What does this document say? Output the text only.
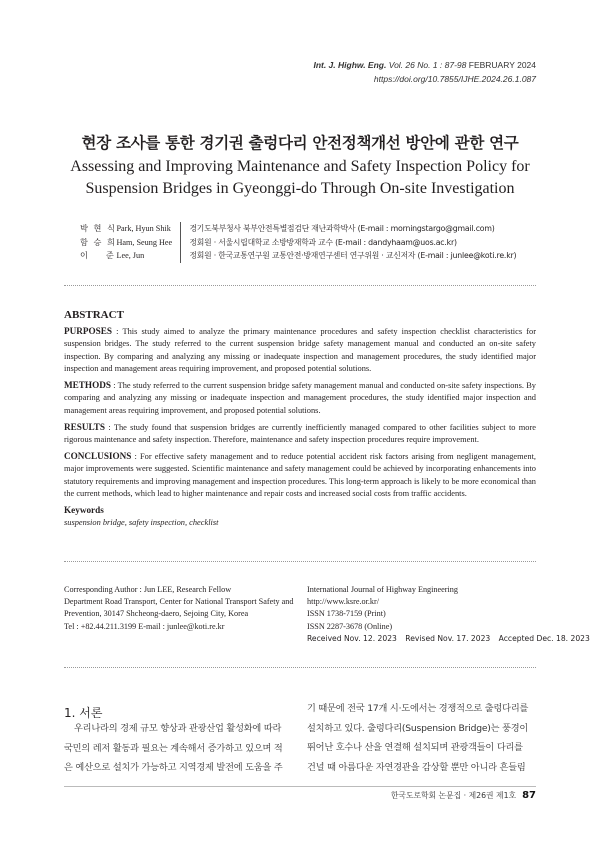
Int. J. Highw. Eng. Vol. 26 No. 1 : 87-98 FEBRUARY 2024
https://doi.org/10.7855/IJHE.2024.26.1.087
현장 조사를 통한 경기권 출렁다리 안전정책개선 방안에 관한 연구
Assessing and Improving Maintenance and Safety Inspection Policy for
Suspension Bridges in Gyeonggi-do Through On-site Investigation
박 현 식	Park, Hyun Shik		경기도북부청사 북부안전특별점검단 재난과학박사 (E-mail : morningstargo@gmail.com)
함 승 희	Ham, Seung Hee		정회원 · 서울시립대학교 소방방재학과 교수 (E-mail : dandyhaam@uos.ac.kr)
이    준	Lee, Jun		정회원 · 한국교통연구원 교통안전·방재연구센터 연구위원 · 교신저자 (E-mail : junlee@koti.re.kr)
ABSTRACT
PURPOSES : This study aimed to analyze the primary maintenance procedures and safety inspection checklist characteristics for suspension bridges. The study referred to the current suspension bridge safety management manual and conducted an on-site safety inspection. By comparing and analyzing any missing or inadequate inspection and management procedures, the study identified major inspection and management areas requiring improvement, and proposed potential solutions.
METHODS : The study referred to the current suspension bridge safety management manual and conducted on-site safety inspections. By comparing and analyzing any missing or inadequate inspection and management procedures, the study identified major inspection and management areas requiring improvement, and proposed potential solutions.
RESULTS : The study found that suspension bridges are currently inefficiently managed compared to other facilities subject to more rigorous maintenance and safety inspection. Therefore, maintenance and safety inspection procedures require improvement.
CONCLUSIONS : For effective safety management and to reduce potential accident risk factors arising from negligent management, major improvements were suggested. Scientific maintenance and safety management could be achieved by incorporating enhancements into statutory requirements and improving management and inspection procedures. This long-term approach is likely to be more economical than the current methods, which lead to higher maintenance and repair costs and increased social costs from traffic accidents.
Keywords
suspension bridge, safety inspection, checklist
Corresponding Author : Jun LEE, Research Fellow
Department Road Transport, Center for National Transport Safety and
Prevention, 30147 Shcheong-daero, Sejoing City, Korea
Tel : +82.44.211.3199 E-mail : junlee@koti.re.kr
International Journal of Highway Engineering
http://www.ksre.or.kr/
ISSN 1738-7159 (Print)
ISSN 2287-3678 (Online)
Received Nov. 12. 2023 Revised Nov. 17. 2023 Accepted Dec. 18. 2023
1. 서론
우리나라의 경제 규모 향상과 관광산업 활성화에 따라
국민의 레저 활동과 필요는 계속해서 증가하고 있으며 적
은 예산으로 설치가 가능하고 지역경제 발전에 도움을 주
기 때문에 전국 17개 시·도에서는 경쟁적으로 출렁다리를
설치하고 있다. 출렁다리(Suspension Bridge)는 풍경이
뛰어난 호수나 산을 연결해 설치되며 관광객들이 다리를
건널 때 아름다운 자연경관을 감상할 뿐만 아니라 흔들림
한국도로학회 논문집 · 제26권 제1호 87
